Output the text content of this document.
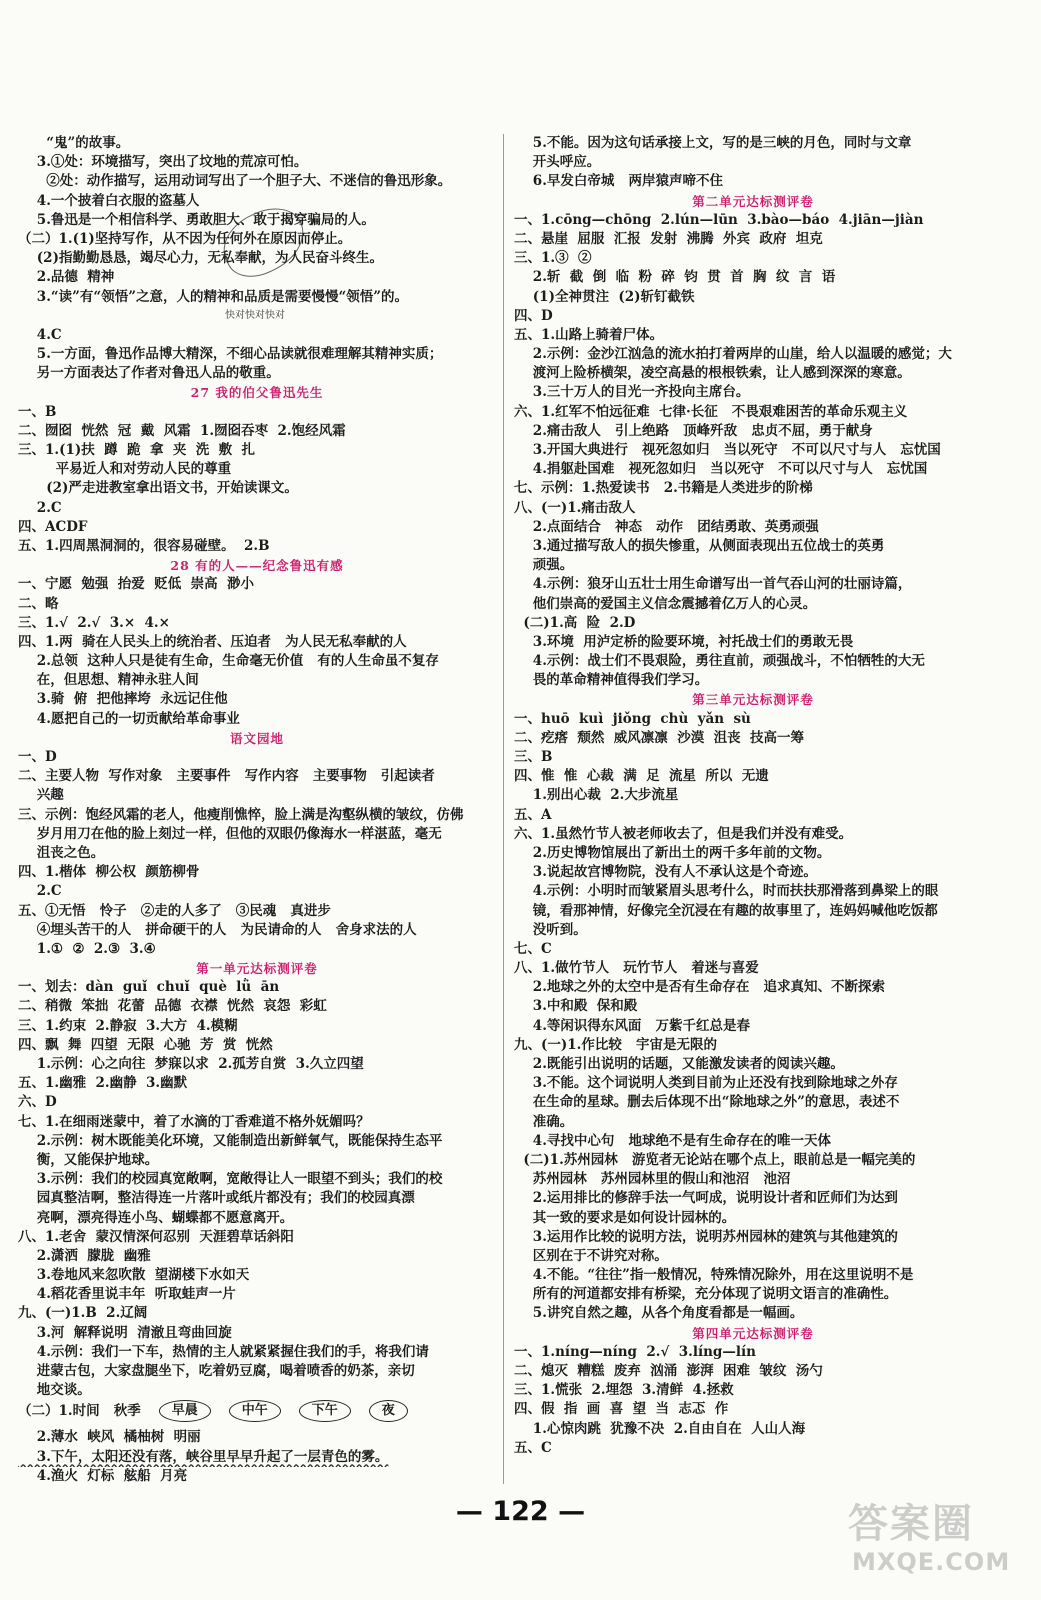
“鬼”的故事。
3.①处：环境描写，突出了坟地的荒凉可怕。
②处：动作描写，运用动词写出了一个胆子大、不迷信的鲁迅形象。
4.一个披着白衣服的盗墓人
5.鲁迅是一个相信科学、勇敢胆大、敢于揭穿骗局的人。
（二）1.(1)坚持写作，从不因为任何外在原因而停止。
(2)指勤勤恳恳，竭尽心力，无私奉献，为人民奋斗终生。
2.品德  精神
3.“读”有“领悟”之意，人的精神和品质是需要慢慢“领悟”的。
4.C
5.一方面，鲁迅作品博大精深，不细心品读就很难理解其精神实质；
另一方面表达了作者对鲁迅人品的敬重。
27 我的伯父鲁迅先生
一、B
二、囫囵  恍然  冠  戴  风霜  1.囫囵吞枣  2.饱经风霜
三、1.(1)扶  蹲  跪  拿  夹  洗  敷  扎
平易近人和对劳动人民的尊重
(2)严走进教室拿出语文书，开始读课文。
2.C
四、ACDF
五、1.四周黑洞洞的，很容易碰壁。  2.B
28 有的人——纪念鲁迅有感
一、宁愿  勉强  抬爱  贬低  崇高  渺小
二、略
三、1.√  2.√  3.×  4.×
四、1.两  骑在人民头上的统治者、压迫者   为人民无私奉献的人
2.总领  这种人只是徒有生命，生命毫无价值   有的人生命虽不复存
在，但思想、精神永驻人间
3.骑  俯  把他摔垮  永远记住他
4.愿把自己的一切贡献给革命事业
语文园地
一、D
二、主要人物  写作对象   主要事件   写作内容   主要事物   引起读者
兴趣
三、示例：饱经风霜的老人，他瘦削憔悴，脸上满是沟壑纵横的皱纹，仿佛
岁月用刀在他的脸上刻过一样，但他的双眼仍像海水一样湛蓝，毫无
沮丧之色。
四、1.楷体  柳公权  颜筋柳骨
2.C
五、①无悟   怜子   ②走的人多了   ③民魂   真进步
④埋头苦干的人   拼命硬干的人   为民请命的人   舍身求法的人
1.①  ②  2.③  3.④
第一单元达标测评卷
一、划去：dàn  guǐ  chuǐ  què  lǜ  ān
二、稍微  笨拙  花蕾  品德  衣襟  恍然  哀怨  彩虹
三、1.约束  2.静寂  3.大方  4.模糊
四、飘  舞  四望  无限  心驰  芳  赏  恍然
1.示例：心之向往  梦寐以求  2.孤芳自赏  3.久立四望
五、1.幽雅  2.幽静  3.幽默
六、D
七、1.在细雨迷蒙中，着了水滴的丁香难道不格外妩媚吗？
2.示例：树木既能美化环境，又能制造出新鲜氧气，既能保持生态平
衡，又能保护地球。
3.示例：我们的校园真宽敞啊，宽敞得让人一眼望不到头；我们的校
园真整洁啊，整洁得连一片落叶或纸片都没有；我们的校园真漂
亮啊，漂亮得连小鸟、蝴蝶都不愿意离开。
八、1.老舍  蒙汉情深何忍别  天涯碧草话斜阳
2.潇洒  朦胧  幽雅
3.卷地风来忽吹散  望湖楼下水如天
4.稻花香里说丰年  听取蛙声一片
九、(一)1.B  2.辽阔
3.河  解释说明  清澈且弯曲回旋
4.示例：我们一下车，热情的主人就紧紧握住我们的手，将我们请
进蒙古包，大家盘腿坐下，吃着奶豆腐，喝着喷香的奶茶，亲切
地交谈。
（二）1.时间   秋季 早晨	中午	下午	夜
2.薄水  峡风  橘柚树  明丽
3.下午，太阳还没有落，峡谷里早早升起了一层青色的雾。
4.渔火  灯标  舷船  月亮
5.不能。因为这句话承接上文，写的是三峡的月色，同时与文章
开头呼应。
6.早发白帝城   两岸猿声啼不住
第二单元达标测评卷
一、1.cōng—chōng  2.lún—lūn  3.bào—báo  4.jiān—jiàn
二、悬崖  屈服  汇报  发射  沸腾  外宾  政府  坦克
三、1.③  ②
2.斩  截  倒  临  粉  碎  钧  贯  首  胸  纹  言  语
(1)全神贯注  (2)斩钉截铁
四、D
五、1.山路上骑着尸体。
2.示例：金沙江汹急的流水拍打着两岸的山崖，给人以温暖的感觉；大
渡河上险桥横架，凌空高悬的根根铁索，让人感到深深的寒意。
3.三十万人的目光一齐投向主席台。
六、1.红军不怕远征难  七律·长征   不畏艰难困苦的革命乐观主义
2.痛击敌人   引上绝路   顶峰歼敌   忠贞不屈，勇于献身
3.开国大典进行   视死忽如归   当以死守   不可以尺寸与人   忘忧国
4.捐躯赴国难   视死忽如归   当以死守   不可以尺寸与人   忘忧国
七、示例：1.热爱读书   2.书籍是人类进步的阶梯
八、(一)1.痛击敌人
2.点面结合   神态   动作   团结勇敢、英勇顽强
3.通过描写敌人的损失惨重，从侧面表现出五位战士的英勇
顽强。
4.示例：狼牙山五壮士用生命谱写出一首气吞山河的壮丽诗篇，
他们崇高的爱国主义信念震撼着亿万人的心灵。
(二)1.高  险  2.D
3.环境  用泸定桥的险要环境，衬托战士们的勇敢无畏
4.示例：战士们不畏艰险，勇往直前，顽强战斗，不怕牺牲的大无
畏的革命精神值得我们学习。
第三单元达标测评卷
一、huō  kuì  jiǒng  chù  yǎn  sù
二、疙瘩  颓然  威风凛凛  沙漠  沮丧  技高一筹
三、B
四、惟  惟  心裁  满  足  流星  所以  无遗
1.别出心裁  2.大步流星
五、A
六、1.虽然竹节人被老师收去了，但是我们并没有难受。
2.历史博物馆展出了新出土的两千多年前的文物。
3.说起故宫博物院，没有人不承认这是个奇迹。
4.示例：小明时而皱紧眉头思考什么，时而扶扶那滑落到鼻梁上的眼
镜，看那神情，好像完全沉浸在有趣的故事里了，连妈妈喊他吃饭都
没听到。
七、C
八、1.做竹节人   玩竹节人   着迷与喜爱
2.地球之外的太空中是否有生命存在   追求真知、不断探索
3.中和殿  保和殿
4.等闲识得东风面   万紫千红总是春
九、(一)1.作比较   宇宙是无限的
2.既能引出说明的话题，又能激发读者的阅读兴趣。
3.不能。这个词说明人类到目前为止还没有找到除地球之外存
在生命的星球。删去后体现不出“除地球之外”的意思，表述不
准确。
4.寻找中心句   地球绝不是有生命存在的唯一天体
(二)1.苏州园林   游览者无论站在哪个点上，眼前总是一幅完美的
苏州园林   苏州园林里的假山和池沼   池沼
2.运用排比的修辞手法一气呵成，说明设计者和匠师们为达到
其一致的要求是如何设计园林的。
3.运用作比较的说明方法，说明苏州园林的建筑与其他建筑的
区别在于不讲究对称。
4.不能。“往往”指一般情况，特殊情况除外，用在这里说明不是
所有的河道都安排有桥梁，充分体现了说明文语言的准确性。
5.讲究自然之趣，从各个角度看都是一幅画。
第四单元达标测评卷
一、1.níng—níng  2.√  3.líng—lín
二、熄灭  糟糕  废弃  汹涌  澎湃  困难  皱纹  汤勺
三、1.慌张  2.埋怨  3.清鲜  4.拯救
四、假  指  画  喜  望  当  志忑  作
1.心惊肉跳  犹豫不决  2.自由自在  人山人海
五、C
快对快对快对
— 122 —	答案圈
MXQE.COM
